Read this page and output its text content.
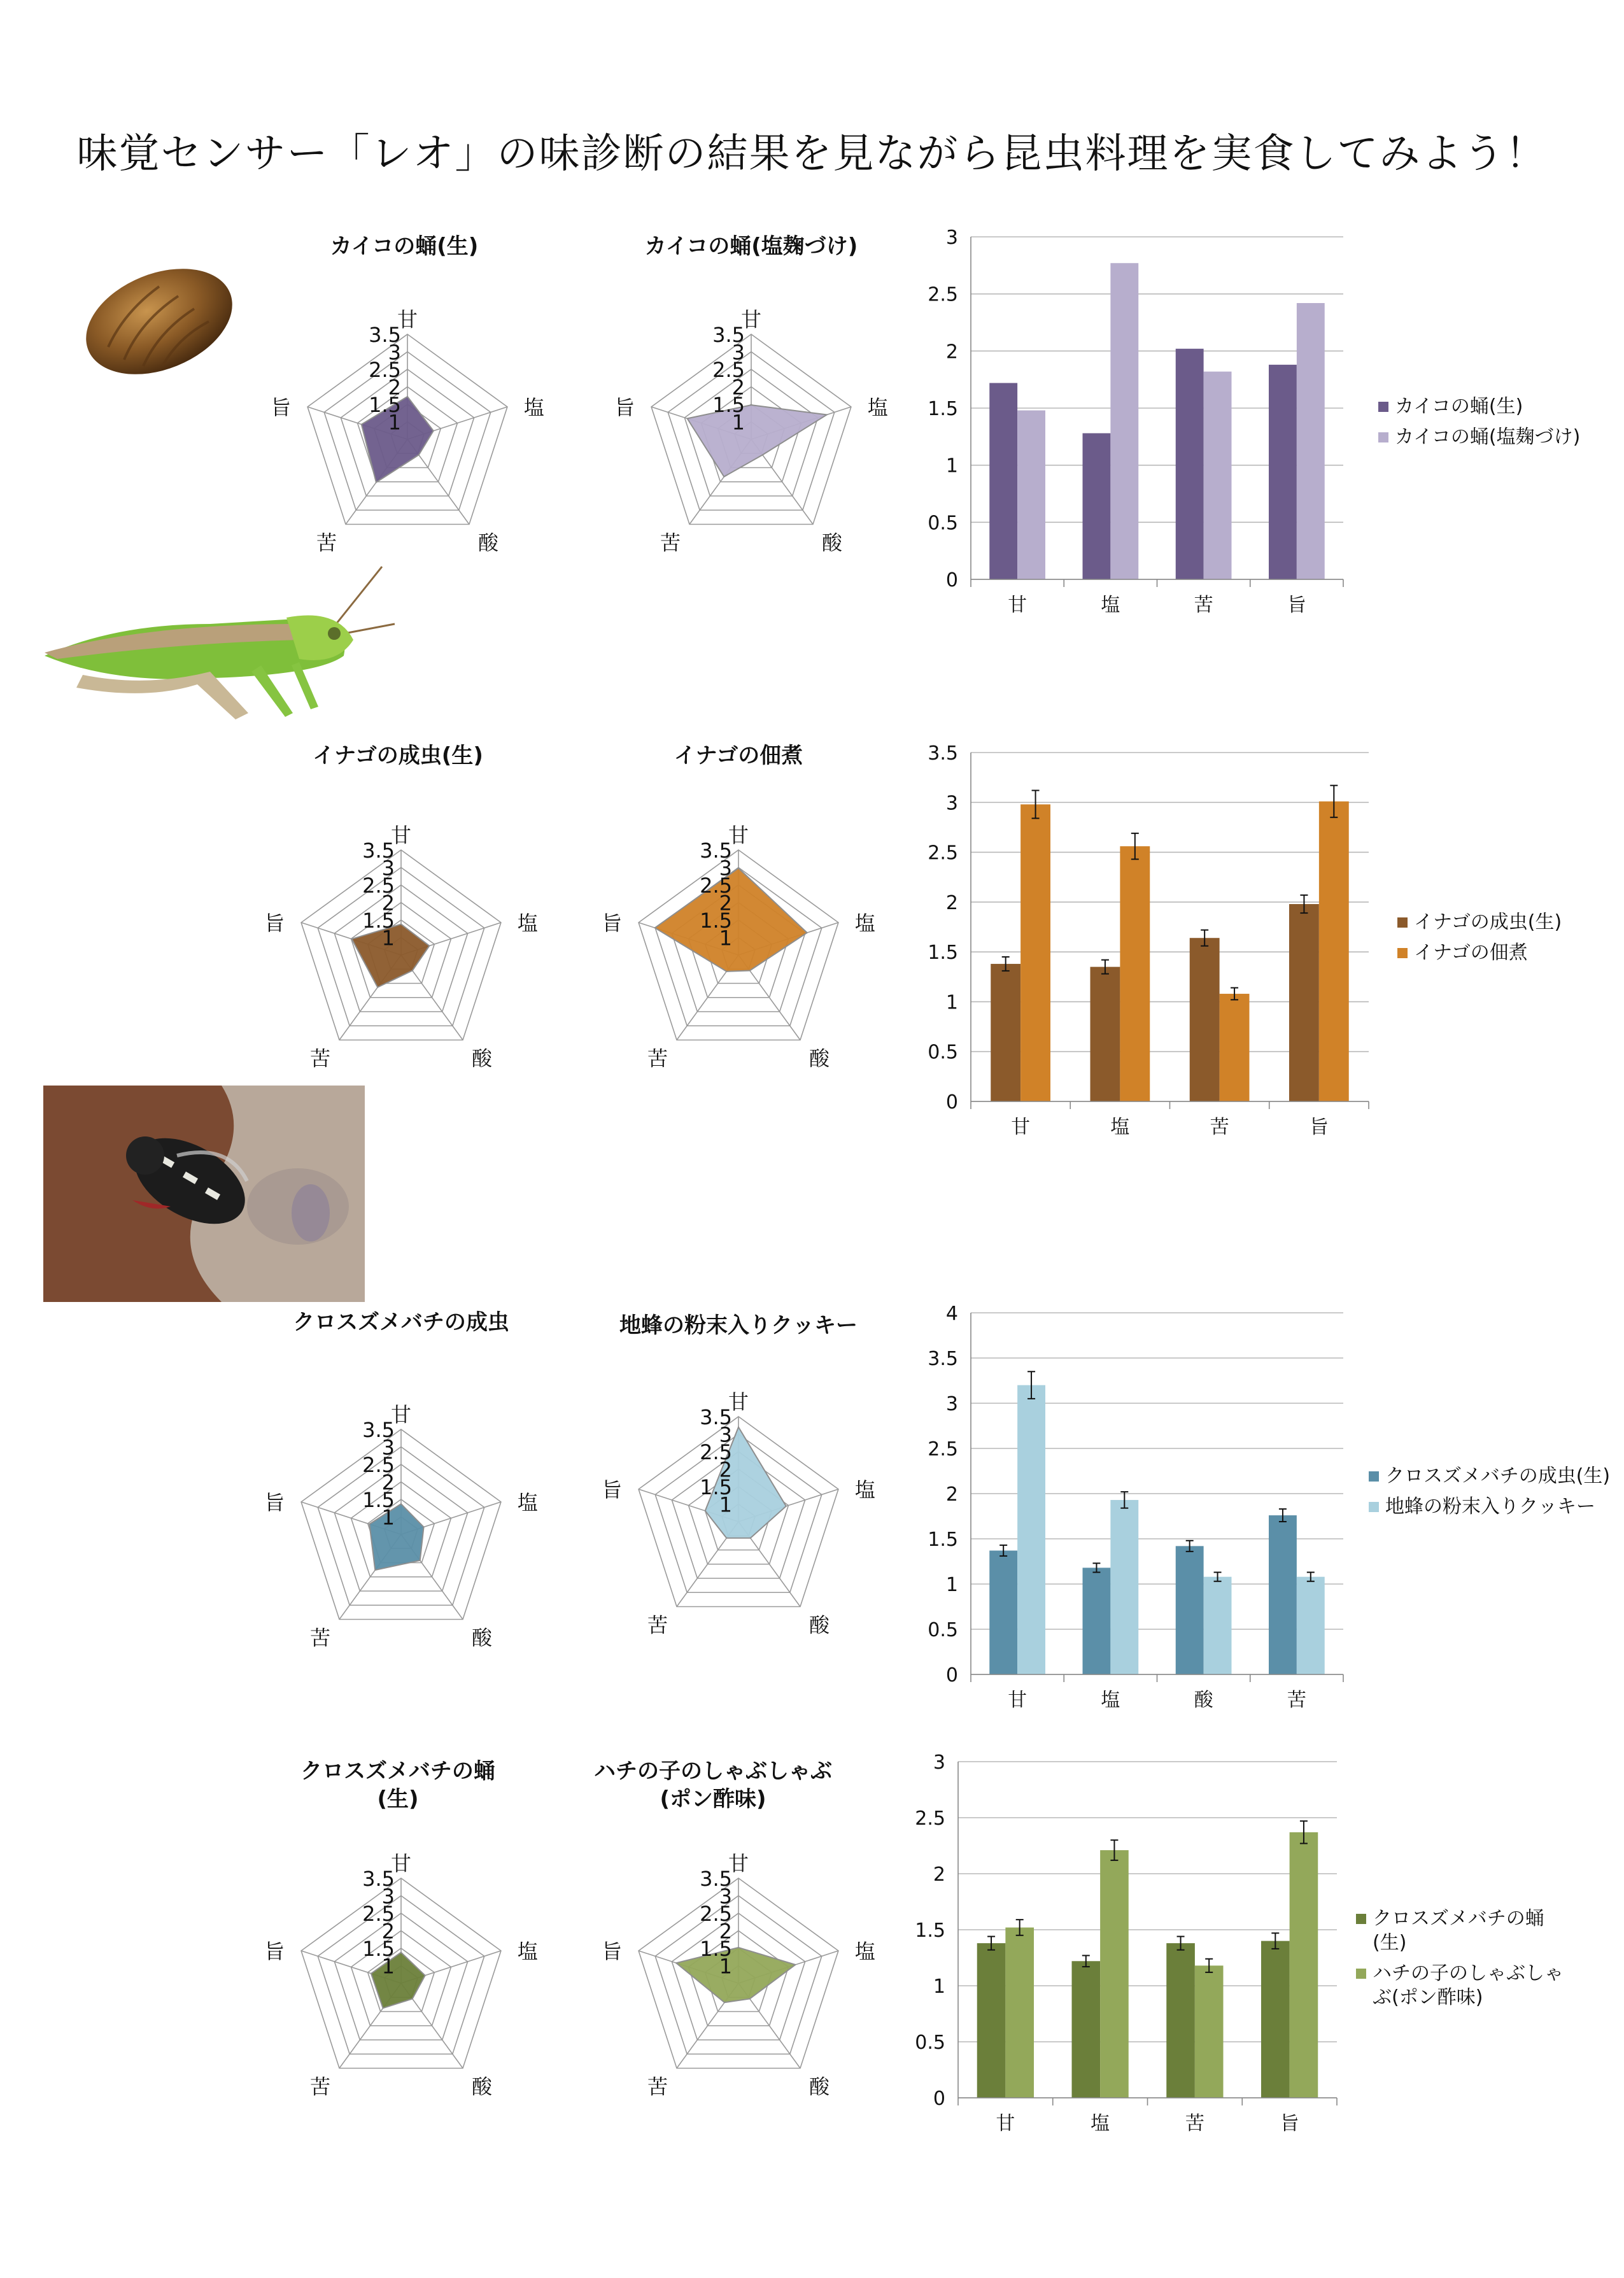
味覚センサー「レオ」の味診断の結果を見ながら昆虫料理を実食してみよう！
カイコの蛹(生)
1
1.5
2
2.5
3
3.5
甘
塩
酸
苦
旨
カイコの蛹(塩麹づけ)
1
1.5
2
2.5
3
3.5
甘
塩
酸
苦
旨
0
0.5
1
1.5
2
2.5
3
甘	塩	苦	旨
カイコの蛹(生)
カイコの蛹(塩麹づけ)
イナゴの成虫(生)
1
1.5
2
2.5
3
3.5
甘
塩
酸
苦
旨
イナゴの佃煮
1
1.5
2
2.5
3
3.5
甘
塩
酸
苦
旨
0
0.5
1
1.5
2
2.5
3
3.5
甘	塩	苦	旨
イナゴの成虫(生)
イナゴの佃煮
クロスズメバチの成虫
1
1.5
2
2.5
3
3.5
甘
塩
酸
苦
旨
地蜂の粉末入りクッキー
1
1.5
2
2.5
3
3.5
甘
塩
酸
苦
旨
0
0.5
1
1.5
2
2.5
3
3.5
4
甘	塩	酸	苦
クロスズメバチの成虫(生)
地蜂の粉末入りクッキー
クロスズメバチの蛹 (生)
1
1.5
2
2.5
3
3.5
甘
塩
酸
苦
旨
ハチの子のしゃぶしゃぶ (ポン酢味)
1
1.5
2
2.5
3
3.5
甘
塩
酸
苦
旨
0
0.5
1
1.5
2
2.5
3
甘	塩	苦	旨
クロスズメバチの蛹(生)
ハチの子のしゃぶしゃぶ(ポン酢味)
